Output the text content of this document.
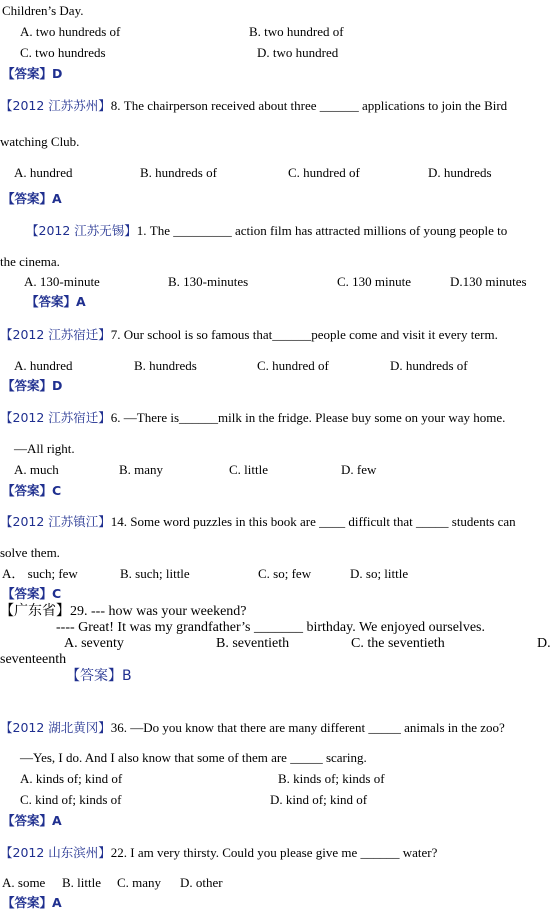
Children’s Day.
A. two hundreds of	B. two hundred of
C. two hundreds	D. two hundred
【答案】D
【2012 江苏苏州】8. The chairperson received about three ______ applications to join the Bird
watching Club.
A. hundred	B. hundreds of	C. hundred of	D. hundreds
【答案】A
【2012 江苏无锡】1. The _________ action film has attracted millions of young people to
the cinema.
A. 130-minute	B. 130-minutes	C. 130 minute	D.130 minutes
【答案】A
【2012 江苏宿迁】7. Our school is so famous that______people come and visit it every term.
A. hundred	B. hundreds	C. hundred of	D. hundreds of
【答案】D
【2012 江苏宿迁】6. —There is______milk in the fridge. Please buy some on your way home.
—All right.
A. much	B. many	C. little	D. few
【答案】C
【2012 江苏镇江】14. Some word puzzles in this book are ____ difficult that _____ students can
solve them.
A． such; few	B. such; little	C. so; few	D. so; little
【答案】C
【广东省】29. --- how was your weekend?
---- Great! It was my grandfather’s _______ birthday. We enjoyed ourselves.
A. seventy	B. seventieth	C. the seventieth	D.
seventeenth
【答案】B
【2012 湖北黄冈】36. —Do you know that there are many different _____ animals in the zoo?
—Yes, I do. And I also know that some of them are _____ scaring.
A. kinds of; kind of	B. kinds of; kinds of
C. kind of; kinds of	D. kind of; kind of
【答案】A
【2012 山东滨州】22. I am very thirsty. Could you please give me ______ water?
A. some B. little C. many D. other
【答案】A
